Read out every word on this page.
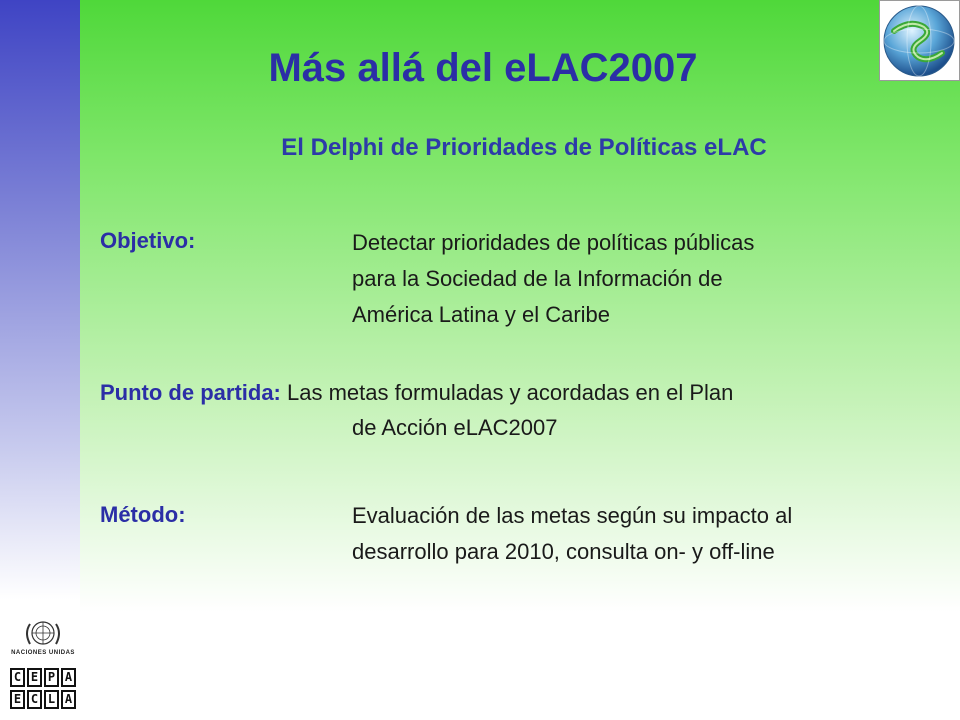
Más allá del eLAC2007
El Delphi de Prioridades de Políticas eLAC
Objetivo:	Detectar prioridades de políticas públicas
para la Sociedad de la Información de
América Latina y el Caribe
Punto de partida: Las metas formuladas y acordadas en el Plan
de Acción eLAC2007
Método:	Evaluación de las metas según su impacto al
desarrollo para 2010, consulta on- y off-line
NACIONES UNIDAS
C E P A
E C L A
